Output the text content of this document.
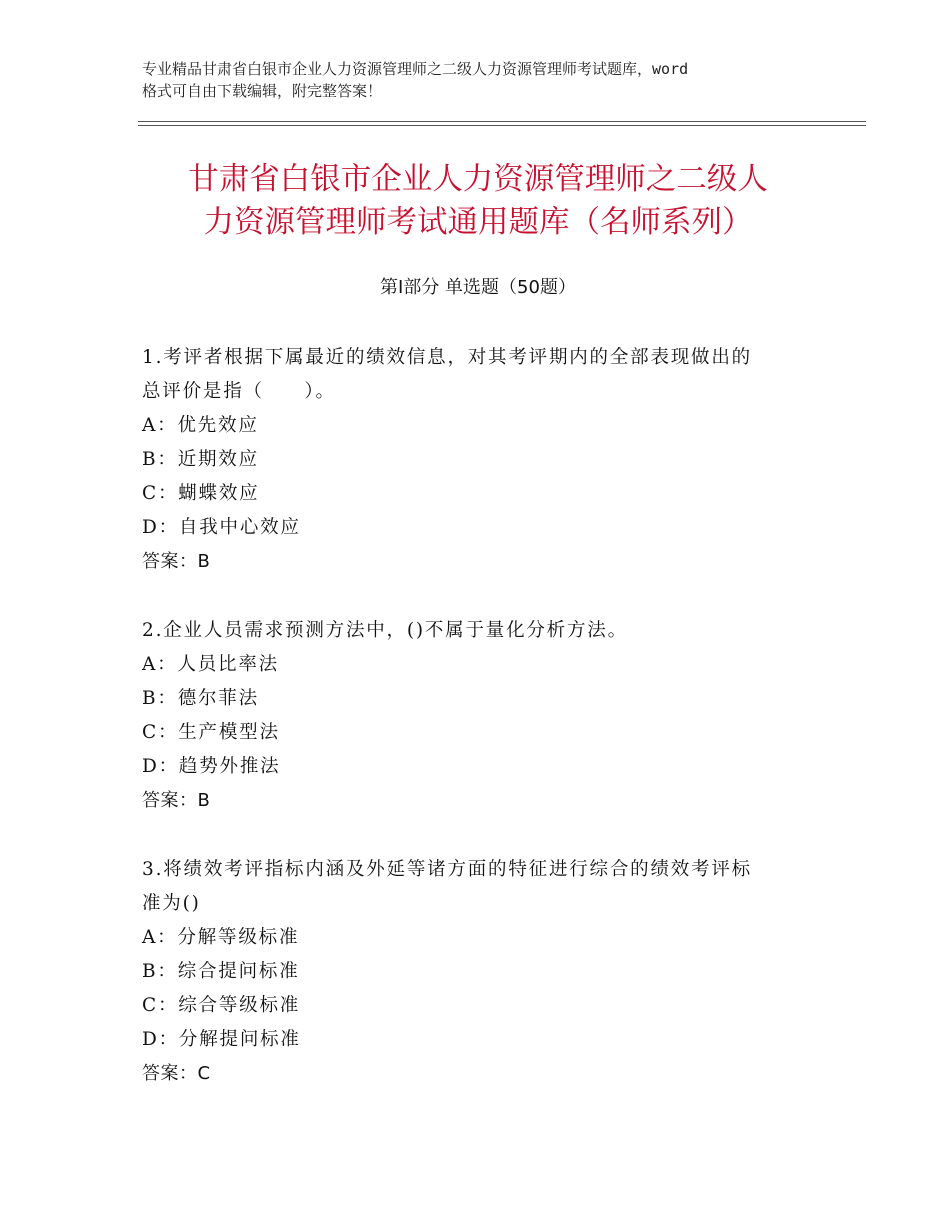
专业精品甘肃省白银市企业人力资源管理师之二级人力资源管理师考试题库，word
格式可自由下载编辑，附完整答案！
甘肃省白银市企业人力资源管理师之二级人
力资源管理师考试通用题库（名师系列）
第Ⅰ部分 单选题（50题）
1.考评者根据下属最近的绩效信息，对其考评期内的全部表现做出的
总评价是指（　　）。
A：优先效应
B：近期效应
C：蝴蝶效应
D：自我中心效应
答案：B
2.企业人员需求预测方法中，()不属于量化分析方法。
A：人员比率法
B：德尔菲法
C：生产模型法
D：趋势外推法
答案：B
3.将绩效考评指标内涵及外延等诸方面的特征进行综合的绩效考评标
准为()
A：分解等级标准
B：综合提问标准
C：综合等级标准
D：分解提问标准
答案：C
